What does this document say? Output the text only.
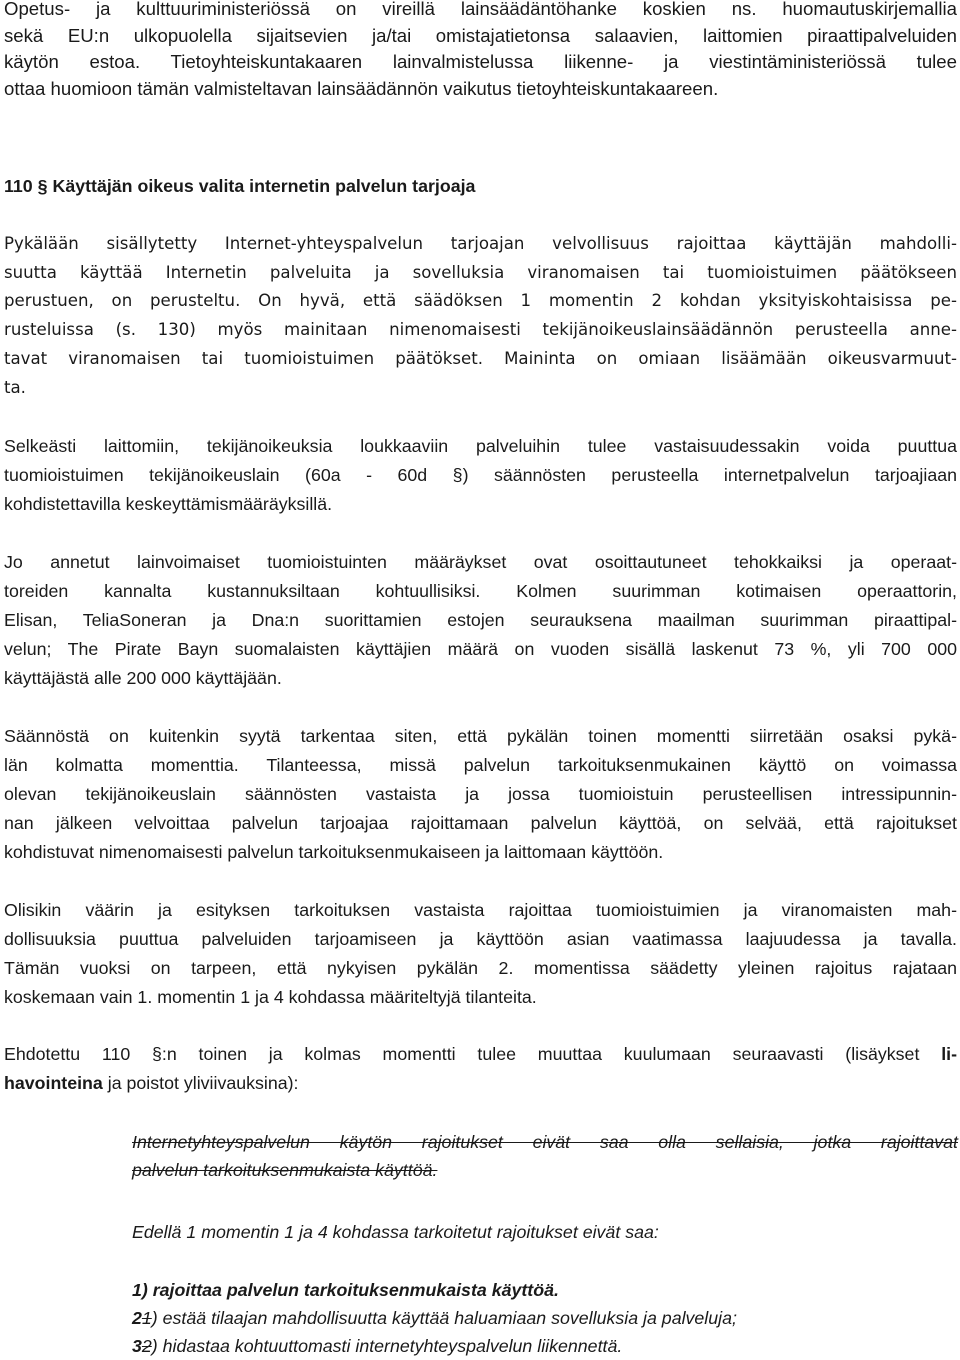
Opetus- ja kulttuuriministeriössä on vireillä lainsäädäntöhanke koskien ns. huomautuskirjemallia
sekä EU:n ulkopuolella sijaitsevien ja/tai omistajatietonsa salaavien, laittomien piraattipalveluiden
käytön estoa. Tietoyhteiskuntakaaren lainvalmistelussa liikenne- ja viestintäministeriössä tulee
ottaa huomioon tämän valmisteltavan lainsäädännön vaikutus tietoyhteiskuntakaareen.
110 § Käyttäjän oikeus valita internetin palvelun tarjoaja
Pykälään sisällytetty Internet-yhteyspalvelun tarjoajan velvollisuus rajoittaa käyttäjän mahdolli-
suutta käyttää Internetin palveluita ja sovelluksia viranomaisen tai tuomioistuimen päätökseen
perustuen, on perusteltu. On hyvä, että säädöksen 1 momentin 2 kohdan yksityiskohtaisissa pe-
rusteluissa (s. 130) myös mainitaan nimenomaisesti tekijänoikeuslainsäädännön perusteella anne-
tavat viranomaisen tai tuomioistuimen päätökset. Maininta on omiaan lisäämään oikeusvarmuut-
ta.
Selkeästi laittomiin, tekijänoikeuksia loukkaaviin palveluihin tulee vastaisuudessakin voida puuttua
tuomioistuimen tekijänoikeuslain (60a - 60d §) säännösten perusteella internetpalvelun tarjoajiaan
kohdistettavilla keskeyttämismääräyksillä.
Jo annetut lainvoimaiset tuomioistuinten määräykset ovat osoittautuneet tehokkaiksi ja operaat-
toreiden kannalta kustannuksiltaan kohtuullisiksi. Kolmen suurimman kotimaisen operaattorin,
Elisan, TeliaSoneran ja Dna:n suorittamien estojen seurauksena maailman suurimman piraattipal-
velun; The Pirate Bayn suomalaisten käyttäjien määrä on vuoden sisällä laskenut 73 %, yli 700 000
käyttäjästä alle 200 000 käyttäjään.
Säännöstä on kuitenkin syytä tarkentaa siten, että pykälän toinen momentti siirretään osaksi pykä-
län kolmatta momenttia. Tilanteessa, missä palvelun tarkoituksenmukainen käyttö on voimassa
olevan tekijänoikeuslain säännösten vastaista ja jossa tuomioistuin perusteellisen intressipunnin-
nan jälkeen velvoittaa palvelun tarjoajaa rajoittamaan palvelun käyttöä, on selvää, että rajoitukset
kohdistuvat nimenomaisesti palvelun tarkoituksenmukaiseen ja laittomaan käyttöön.
Olisikin väärin ja esityksen tarkoituksen vastaista rajoittaa tuomioistuimien ja viranomaisten mah-
dollisuuksia puuttua palveluiden tarjoamiseen ja käyttöön asian vaatimassa laajuudessa ja tavalla.
Tämän vuoksi on tarpeen, että nykyisen pykälän 2. momentissa säädetty yleinen rajoitus rajataan
koskemaan vain 1. momentin 1 ja 4 kohdassa määriteltyjä tilanteita.
Ehdotettu 110 §:n toinen ja kolmas momentti tulee muuttaa kuulumaan seuraavasti (lisäykset li-
havointeina ja poistot yliviivauksina):
Internetyhteyspalvelun käytön rajoitukset eivät saa olla sellaisia, jotka rajoittavat
palvelun tarkoituksenmukaista käyttöä.
Edellä 1 momentin 1 ja 4 kohdassa tarkoitetut rajoitukset eivät saa:
1) rajoittaa palvelun tarkoituksenmukaista käyttöä.
21) estää tilaajan mahdollisuutta käyttää haluamiaan sovelluksia ja palveluja;
32) hidastaa kohtuuttomasti internetyhteyspalvelun liikennettä.
